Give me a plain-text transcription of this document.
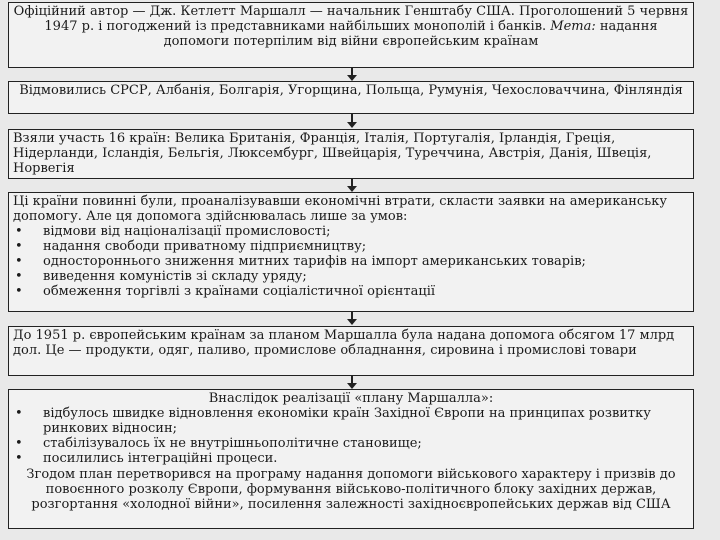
Офіційний автор — Дж. Кетлетт Маршалл — начальник Генштабу США. Проголошений 5 червня 1947 р. і погоджений із представниками найбільших монополій і банків. Мета: надання допомоги потерпілим від війни європейським країнам
Відмовились СРСР, Албанія, Болгарія, Угорщина, Польща, Румунія, Чехословаччина, Фінляндія
Взяли участь 16 країн: Велика Британія, Франція, Італія, Португалія, Ірландія, Греція, Нідерланди, Ісландія, Бельгія, Люксембург, Швейцарія, Туреччина, Австрія, Данія, Швеція, Норвегія
Ці країни повинні були, проаналізувавши економічні втрати, скласти заявки на американську допомогу. Але ця допомога здійснювалась лише за умов:
• відмови від націоналізації промисловості;
• надання свободи приватному підприємництву;
• одностороннього зниження митних тарифів на імпорт американських товарів;
• виведення комуністів зі складу уряду;
• обмеження торгівлі з країнами соціалістичної орієнтації
До 1951 р. європейським країнам за планом Маршалла була надана допомога обсягом 17 млрд дол. Це — продукти, одяг, паливо, промислове обладнання, сировина і промислові товари
Внаслідок реалізації «плану Маршалла»:
• відбулось швидке відновлення економіки країн Західної Європи на принципах розвитку ринкових відносин;
• стабілізувалось їх не внутрішньополітичне становище;
• посилились інтеграційні процеси.
Згодом план перетворився на програму надання допомоги військового характеру і призвів до повоєнного розколу Європи, формування військово-політичного блоку західних держав, розгортання «холодної війни», посилення залежності західноєвропейських держав від США
